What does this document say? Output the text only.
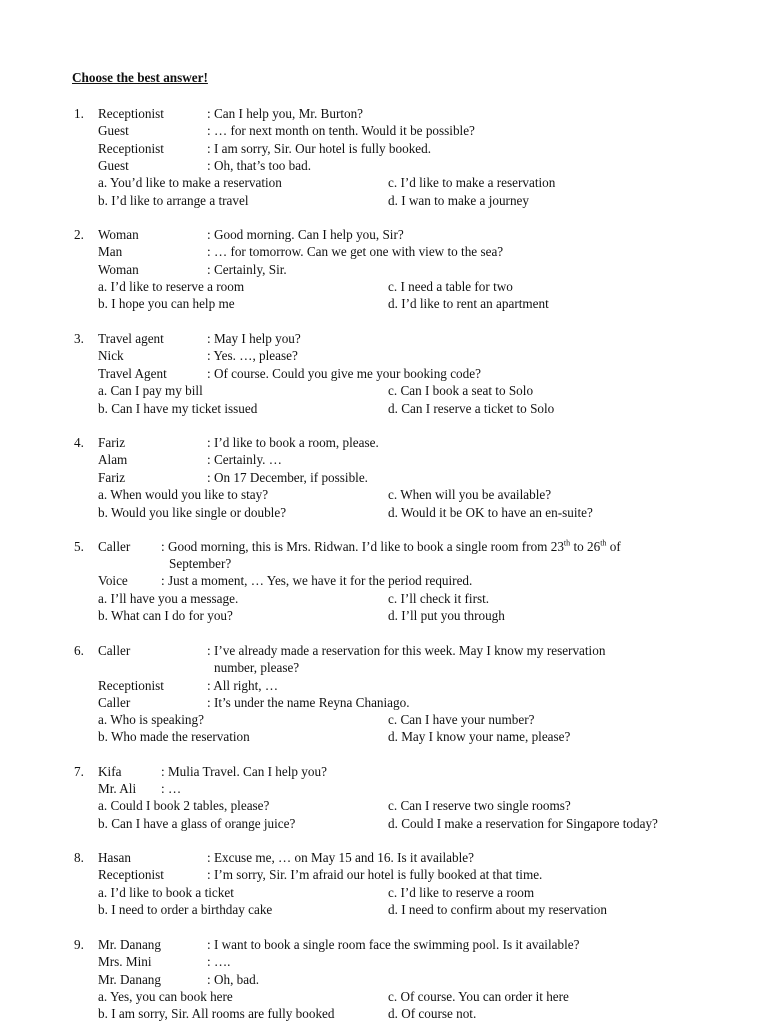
Choose the best answer!
1. Receptionist	: Can I help you, Mr. Burton?
Guest	: … for next month on tenth. Would it be possible?
Receptionist	: I am sorry, Sir. Our hotel is fully booked.
Guest	: Oh, that’s too bad.
a. You’d like to make a reservation	c. I’d like to make a reservation
b. I’d like to arrange a travel	d. I wan to make a journey
2. Woman	: Good morning. Can I help you, Sir?
Man	: … for tomorrow. Can we get one with view to the sea?
Woman	: Certainly, Sir.
a. I’d like to reserve a room	c. I need a table for two
b. I hope you can help me	d. I’d like to rent an apartment
3. Travel agent	: May I help you?
Nick	: Yes. …, please?
Travel Agent	: Of course. Could you give me your booking code?
a. Can I pay my bill	c. Can I book a seat to Solo
b. Can I have my ticket issued	d. Can I reserve a ticket to Solo
4. Fariz	: I’d like to book a room, please.
Alam	: Certainly. …
Fariz	: On 17 December, if possible.
a. When would you like to stay?	c. When will you be available?
b. Would you like single or double?	d. Would it be OK to have an en-suite?
5. Caller : Good morning, this is Mrs. Ridwan. I’d like to book a single room from 23th to 26th of
September?
Voice	: Just a moment, … Yes, we have it for the period required.
a. I’ll have you a message.	c. I’ll check it first.
b. What can I do for you?	d. I’ll put you through
6. Caller	: I’ve already made a reservation for this week. May I know my reservation
number, please?
Receptionist	: All right, …
Caller	: It’s under the name Reyna Chaniago.
a. Who is speaking?	c. Can I have your number?
b. Who made the reservation	d. May I know your name, please?
7. Kifa	: Mulia Travel. Can I help you?
Mr. Ali : …
a. Could I book 2 tables, please?	c. Can I reserve two single rooms?
b. Can I have a glass of orange juice?	d. Could I make a reservation for Singapore today?
8. Hasan	: Excuse me, … on May 15 and 16. Is it available?
Receptionist	: I’m sorry, Sir. I’m afraid our hotel is fully booked at that time.
a. I’d like to book a ticket	c. I’d like to reserve a room
b. I need to order a birthday cake	d. I need to confirm about my reservation
9. Mr. Danang	: I want to book a single room face the swimming pool. Is it available?
Mrs. Mini	: ….
Mr. Danang	: Oh, bad.
a. Yes, you can book here	c. Of course. You can order it here
b. I am sorry, Sir. All rooms are fully booked	d. Of course not.
